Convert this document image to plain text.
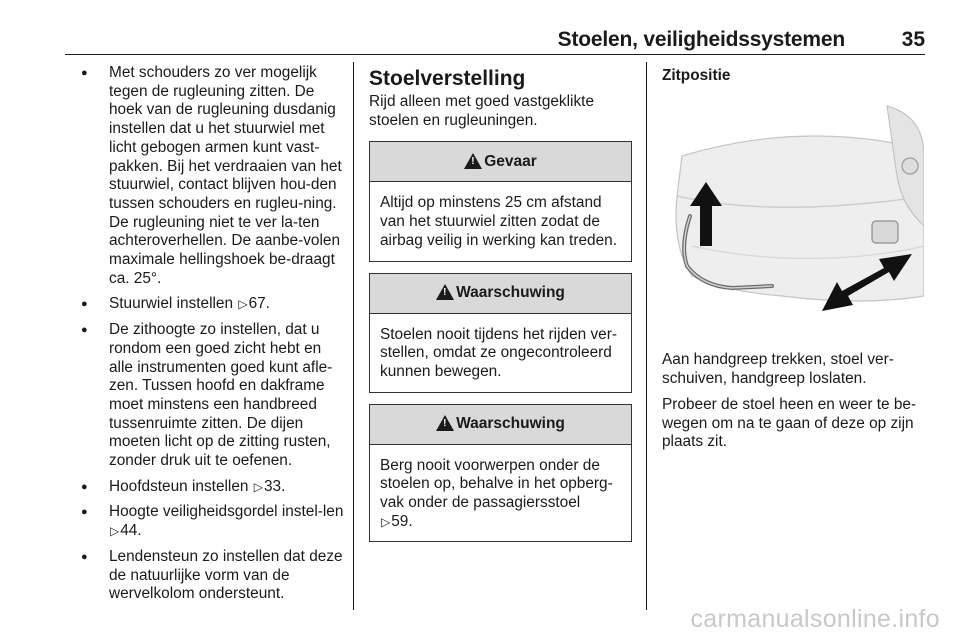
Stoelen, veiligheidssystemen	35
● Met schouders zo ver mogelijk tegen de rugleuning zitten. De hoek van de rugleuning dusdanig instellen dat u het stuurwiel met licht gebogen armen kunt vast-pakken. Bij het verdraaien van het stuurwiel, contact blijven hou-den tussen schouders en rugleu-ning. De rugleuning niet te ver la-ten achteroverhellen. De aanbe-volen maximale hellingshoek be-draagt ca. 25°.
● Stuurwiel instellen ▷67.
● De zithoogte zo instellen, dat u rondom een goed zicht hebt en alle instrumenten goed kunt afle-zen. Tussen hoofd en dakframe moet minstens een handbreed tussenruimte zitten. De dijen moeten licht op de zitting rusten, zonder druk uit te oefenen.
● Hoofdsteun instellen ▷33.
● Hoogte veiligheidsgordel instel-len ▷44.
● Lendensteun zo instellen dat deze de natuurlijke vorm van de wervelkolom ondersteunt.
Stoelverstelling
Rijd alleen met goed vastgeklikte stoelen en rugleuningen.
!
Gevaar
Altijd op minstens 25 cm afstand van het stuurwiel zitten zodat de airbag veilig in werking kan treden.
!
Waarschuwing
Stoelen nooit tijdens het rijden ver-stellen, omdat ze ongecontroleerd kunnen bewegen.
!
Waarschuwing
Berg nooit voorwerpen onder de stoelen op, behalve in het opberg-vak onder de passagiersstoel
▷59.
Zitpositie
Aan handgreep trekken, stoel ver-schuiven, handgreep loslaten.
Probeer de stoel heen en weer te be-wegen om na te gaan of deze op zijn plaats zit.
carmanualsonline.info
